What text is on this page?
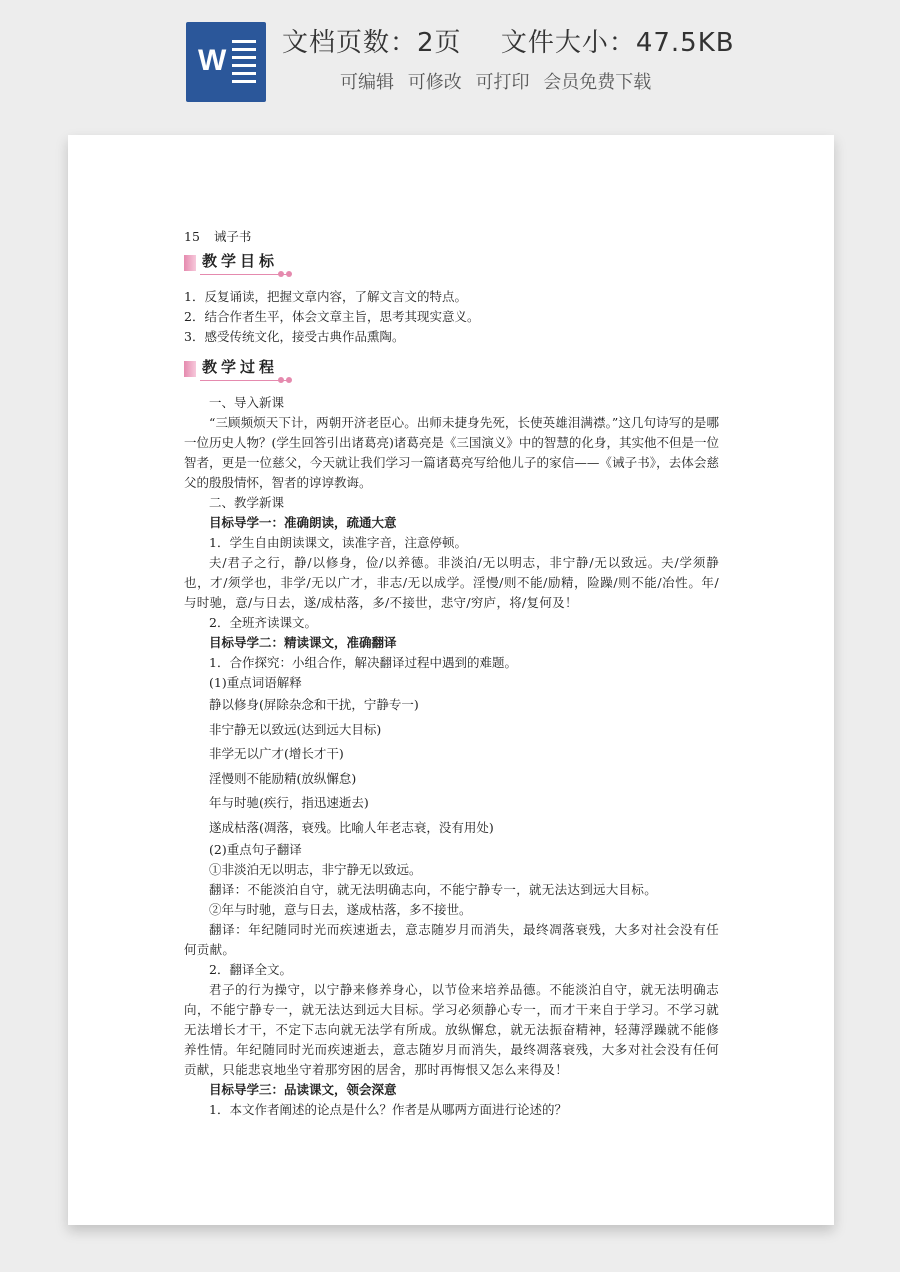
W
文档页数：2页 文件大小：47.5KB
可编辑 可修改 可打印 会员免费下载

15 诫子书

教学目标

1．反复诵读，把握文章内容，了解文言文的特点。

2．结合作者生平，体会文章主旨，思考其现实意义。

3．感受传统文化，接受古典作品熏陶。

教学过程

一、导入新课

“三顾频烦天下计，两朝开济老臣心。出师未捷身先死，长使英雄泪满襟。”这几句诗写的是哪一位历史人物？(学生回答引出诸葛亮)诸葛亮是《三国演义》中的智慧的化身，其实他不但是一位智者，更是一位慈父，今天就让我们学习一篇诸葛亮写给他儿子的家信——《诫子书》，去体会慈父的殷殷情怀，智者的谆谆教诲。

二、教学新课

目标导学一：准确朗读，疏通大意

1．学生自由朗读课文，读准字音，注意停顿。

夫/君子之行，静/以修身，俭/以养德。非淡泊/无以明志，非宁静/无以致远。夫/学须静也，才/须学也，非学/无以广才，非志/无以成学。淫慢/则不能/励精，险躁/则不能/冶性。年/与时驰，意/与日去，遂/成枯落，多/不接世，悲守/穷庐，将/复何及！

2．全班齐读课文。

目标导学二：精读课文，准确翻译

1．合作探究：小组合作，解决翻译过程中遇到的难题。

(1)重点词语解释

静以修身(屏除杂念和干扰，宁静专一)

非宁静无以致远(达到远大目标)

非学无以广才(增长才干)

淫慢则不能励精(放纵懈怠)

年与时驰(疾行，指迅速逝去)

遂成枯落(凋落，衰残。比喻人年老志衰，没有用处)

(2)重点句子翻译

①非淡泊无以明志，非宁静无以致远。

翻译：不能淡泊自守，就无法明确志向，不能宁静专一，就无法达到远大目标。

②年与时驰，意与日去，遂成枯落，多不接世。

翻译：年纪随同时光而疾速逝去，意志随岁月而消失，最终凋落衰残，大多对社会没有任何贡献。

2．翻译全文。

君子的行为操守，以宁静来修养身心，以节俭来培养品德。不能淡泊自守，就无法明确志向，不能宁静专一，就无法达到远大目标。学习必须静心专一，而才干来自于学习。不学习就无法增长才干，不定下志向就无法学有所成。放纵懈怠，就无法振奋精神，轻薄浮躁就不能修养性情。年纪随同时光而疾速逝去，意志随岁月而消失，最终凋落衰残，大多对社会没有任何贡献，只能悲哀地坐守着那穷困的居舍，那时再悔恨又怎么来得及！

目标导学三：品读课文，领会深意

1．本文作者阐述的论点是什么？作者是从哪两方面进行论述的？
